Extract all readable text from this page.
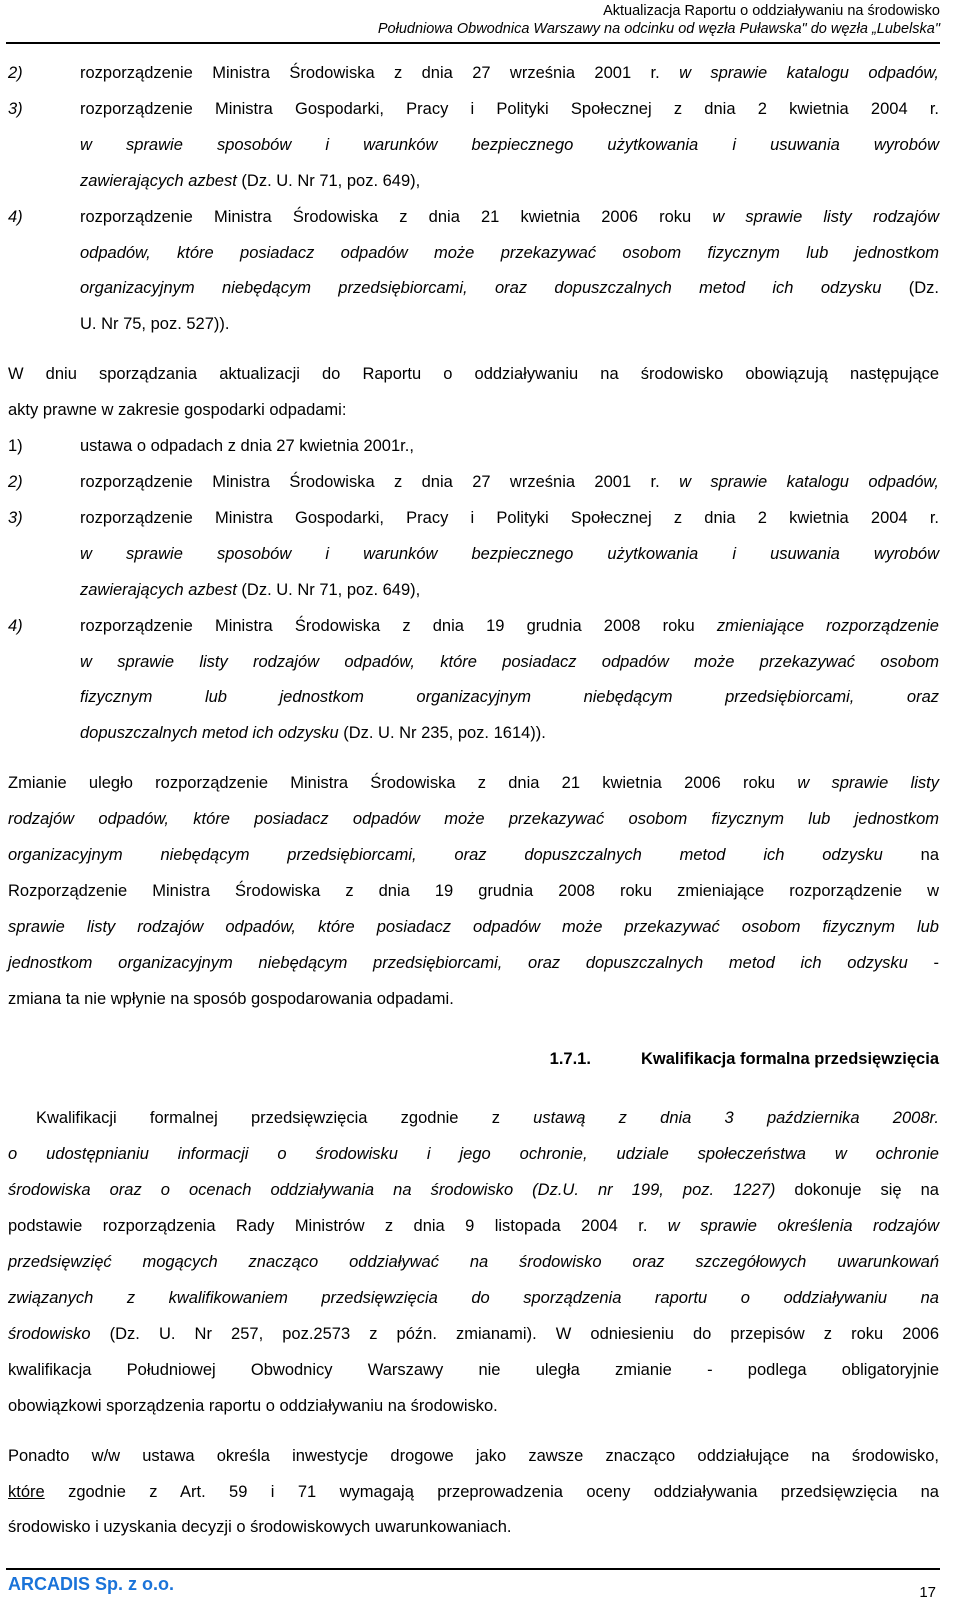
Aktualizacja Raportu o oddziaływaniu na środowisko
Południowa Obwodnica Warszawy na odcinku od węzła Puławska" do węzła „Lubelska"
2)	rozporządzenie Ministra Środowiska z dnia 27 września 2001 r. w sprawie katalogu odpadów,

3)	rozporządzenie Ministra Gospodarki, Pracy i Polityki Społecznej z dnia 2 kwietnia 2004 r.

w sprawie sposobów i warunków bezpiecznego użytkowania i usuwania wyrobów

zawierających azbest (Dz. U. Nr 71, poz. 649),

4)	rozporządzenie Ministra Środowiska z dnia 21 kwietnia 2006 roku w sprawie listy rodzajów

odpadów, które posiadacz odpadów może przekazywać osobom fizycznym lub jednostkom

organizacyjnym niebędącym przedsiębiorcami, oraz dopuszczalnych metod ich odzysku (Dz.

U. Nr 75, poz. 527)).

W dniu sporządzania aktualizacji do Raportu o oddziaływaniu na środowisko obowiązują następujące

akty prawne w zakresie gospodarki odpadami:

1)	ustawa o odpadach z dnia 27 kwietnia 2001r.,

2)	rozporządzenie Ministra Środowiska z dnia 27 września 2001 r. w sprawie katalogu odpadów,

3)	rozporządzenie Ministra Gospodarki, Pracy i Polityki Społecznej z dnia 2 kwietnia 2004 r.

w sprawie sposobów i warunków bezpiecznego użytkowania i usuwania wyrobów

zawierających azbest (Dz. U. Nr 71, poz. 649),

4)	rozporządzenie Ministra Środowiska z dnia 19 grudnia 2008 roku zmieniające rozporządzenie

w sprawie listy rodzajów odpadów, które posiadacz odpadów może przekazywać osobom

fizycznym lub jednostkom organizacyjnym niebędącym przedsiębiorcami, oraz

dopuszczalnych metod ich odzysku (Dz. U. Nr 235, poz. 1614)).

Zmianie uległo rozporządzenie Ministra Środowiska z dnia 21 kwietnia 2006 roku w sprawie listy

rodzajów odpadów, które posiadacz odpadów może przekazywać osobom fizycznym lub jednostkom

organizacyjnym niebędącym przedsiębiorcami, oraz dopuszczalnych metod ich odzysku na

Rozporządzenie Ministra Środowiska z dnia 19 grudnia 2008 roku zmieniające rozporządzenie w

sprawie listy rodzajów odpadów, które posiadacz odpadów może przekazywać osobom fizycznym lub

jednostkom organizacyjnym niebędącym przedsiębiorcami, oraz dopuszczalnych metod ich odzysku -

zmiana ta nie wpłynie na sposób gospodarowania odpadami.

1.7.1.	Kwalifikacja formalna przedsięwzięcia

Kwalifikacji formalnej przedsięwzięcia zgodnie z ustawą z dnia 3 października 2008r.

o udostępnianiu informacji o środowisku i jego ochronie, udziale społeczeństwa w ochronie

środowiska oraz o ocenach oddziaływania na środowisko (Dz.U. nr 199, poz. 1227) dokonuje się na

podstawie rozporządzenia Rady Ministrów z dnia 9 listopada 2004 r. w sprawie określenia rodzajów

przedsięwzięć mogących znacząco oddziaływać na środowisko oraz szczegółowych uwarunkowań

związanych z kwalifikowaniem przedsięwzięcia do sporządzenia raportu o oddziaływaniu na

środowisko (Dz. U. Nr 257, poz.2573 z późn. zmianami). W odniesieniu do przepisów z roku 2006

kwalifikacja Południowej Obwodnicy Warszawy nie uległa zmianie - podlega obligatoryjnie

obowiązkowi sporządzenia raportu o oddziaływaniu na środowisko.

Ponadto w/w ustawa określa inwestycje drogowe jako zawsze znacząco oddziałujące na środowisko,

które zgodnie z Art. 59 i 71 wymagają przeprowadzenia oceny oddziaływania przedsięwzięcia na

środowisko i uzyskania decyzji o środowiskowych uwarunkowaniach.

ARCADIS Sp. z o.o.	17
